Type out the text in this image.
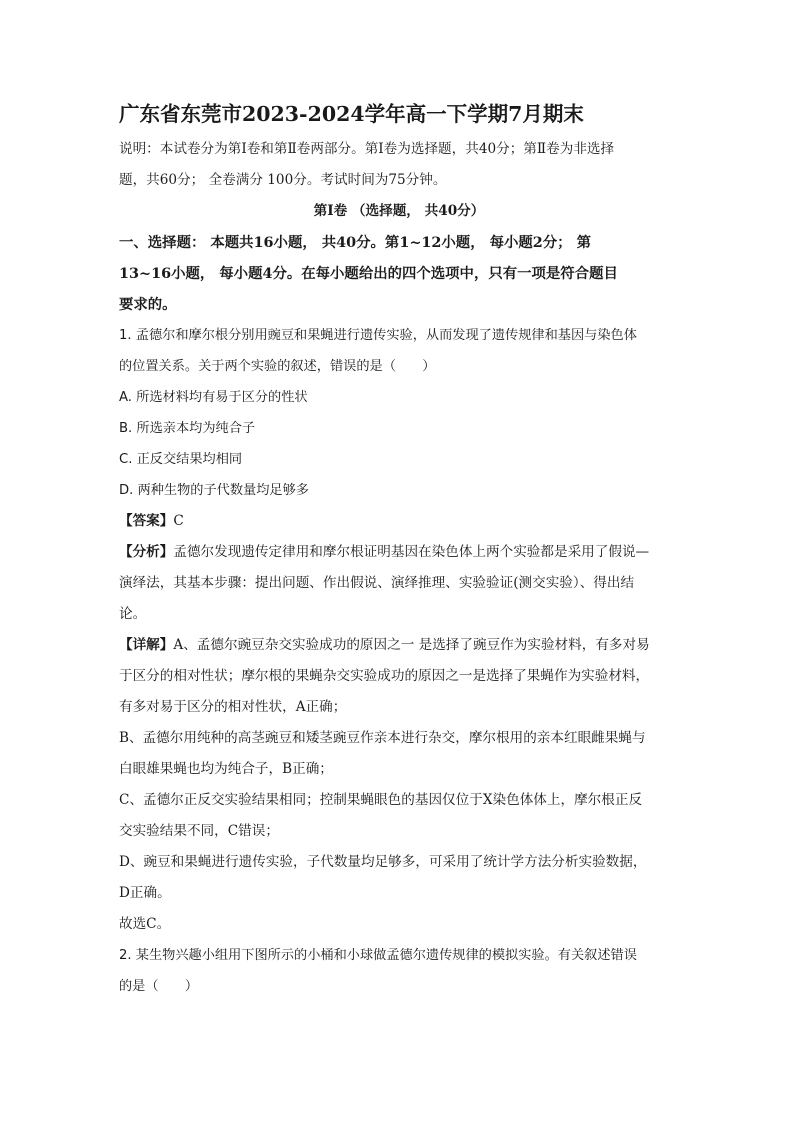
广东省东莞市2023-2024学年高一下学期7月期末

说明：本试卷分为第Ⅰ卷和第Ⅱ卷两部分。第Ⅰ卷为选择题，共40分；第Ⅱ卷为非选择

题，共60分； 全卷满分 100分。考试时间为75分钟。

第Ⅰ卷 （选择题， 共40分）

一、选择题： 本题共16小题， 共40分。第1~12小题， 每小题2分； 第

13~16小题， 每小题4分。在每小题给出的四个选项中，只有一项是符合题目

要求的。

1. 孟德尔和摩尔根分别用豌豆和果蝇进行遗传实验，从而发现了遗传规律和基因与染色体

的位置关系。关于两个实验的叙述，错误的是（　　）

A. 所选材料均有易于区分的性状

B. 所选亲本均为纯合子

C. 正反交结果均相同

D. 两种生物的子代数量均足够多

【答案】C

【分析】孟德尔发现遗传定律用和摩尔根证明基因在染色体上两个实验都是采用了假说—

演绎法，其基本步骤：提出问题、作出假说、演绎推理、实验验证(测交实验）、得出结

论。

【详解】A、孟德尔豌豆杂交实验成功的原因之一 是选择了豌豆作为实验材料，有多对易

于区分的相对性状；摩尔根的果蝇杂交实验成功的原因之一是选择了果蝇作为实验材料，

有多对易于区分的相对性状，A正确；

B、孟德尔用纯种的高茎豌豆和矮茎豌豆作亲本进行杂交，摩尔根用的亲本红眼雌果蝇与

白眼雄果蝇也均为纯合子，B正确；

C、孟德尔正反交实验结果相同；控制果蝇眼色的基因仅位于X染色体体上，摩尔根正反

交实验结果不同，C错误；

D、豌豆和果蝇进行遗传实验，子代数量均足够多，可采用了统计学方法分析实验数据，

D正确。

故选C。

2. 某生物兴趣小组用下图所示的小桶和小球做孟德尔遗传规律的模拟实验。有关叙述错误

的是（　　）
